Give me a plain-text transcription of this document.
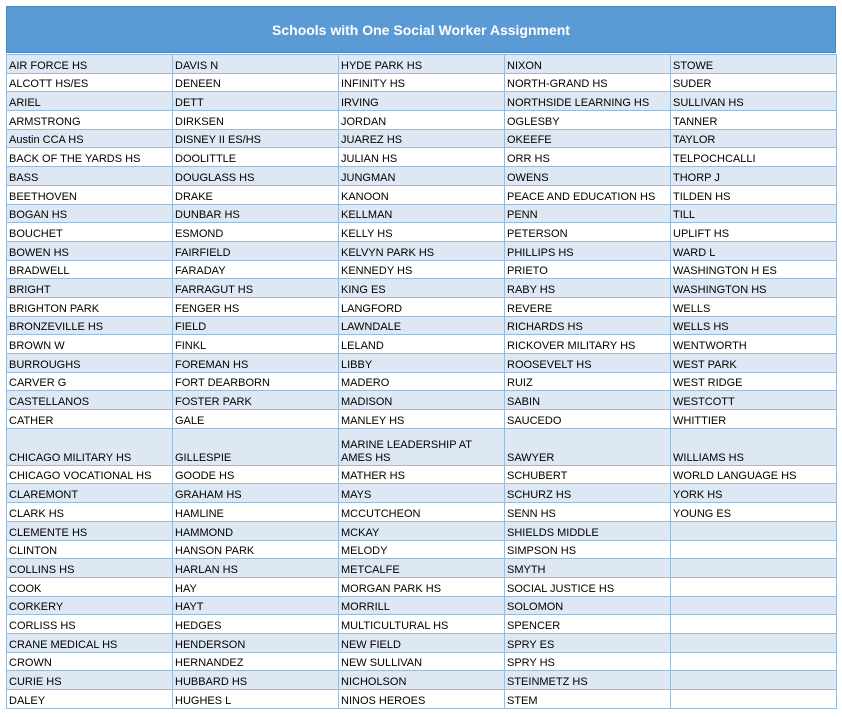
Schools with One Social Worker Assignment
AIR FORCE HS	DAVIS N	HYDE PARK HS	NIXON	STOWE
ALCOTT HS/ES	DENEEN	INFINITY HS	NORTH-GRAND HS	SUDER
ARIEL	DETT	IRVING	NORTHSIDE LEARNING HS	SULLIVAN HS
ARMSTRONG	DIRKSEN	JORDAN	OGLESBY	TANNER
Austin CCA HS	DISNEY II ES/HS	JUAREZ HS	OKEEFE	TAYLOR
BACK OF THE YARDS HS	DOOLITTLE	JULIAN HS	ORR HS	TELPOCHCALLI
BASS	DOUGLASS HS	JUNGMAN	OWENS	THORP J
BEETHOVEN	DRAKE	KANOON	PEACE AND EDUCATION HS	TILDEN HS
BOGAN HS	DUNBAR HS	KELLMAN	PENN	TILL
BOUCHET	ESMOND	KELLY HS	PETERSON	UPLIFT HS
BOWEN HS	FAIRFIELD	KELVYN PARK HS	PHILLIPS HS	WARD L
BRADWELL	FARADAY	KENNEDY HS	PRIETO	WASHINGTON H ES
BRIGHT	FARRAGUT HS	KING ES	RABY HS	WASHINGTON HS
BRIGHTON PARK	FENGER HS	LANGFORD	REVERE	WELLS
BRONZEVILLE HS	FIELD	LAWNDALE	RICHARDS HS	WELLS HS
BROWN W	FINKL	LELAND	RICKOVER MILITARY HS	WENTWORTH
BURROUGHS	FOREMAN HS	LIBBY	ROOSEVELT HS	WEST PARK
CARVER G	FORT DEARBORN	MADERO	RUIZ	WEST RIDGE
CASTELLANOS	FOSTER PARK	MADISON	SABIN	WESTCOTT
CATHER	GALE	MANLEY HS	SAUCEDO	WHITTIER
CHICAGO MILITARY HS	GILLESPIE	MARINE LEADERSHIP AT AMES HS	SAWYER	WILLIAMS HS
CHICAGO VOCATIONAL HS	GOODE HS	MATHER HS	SCHUBERT	WORLD LANGUAGE HS
CLAREMONT	GRAHAM HS	MAYS	SCHURZ HS	YORK HS
CLARK HS	HAMLINE	MCCUTCHEON	SENN HS	YOUNG ES
CLEMENTE HS	HAMMOND	MCKAY	SHIELDS MIDDLE	
CLINTON	HANSON PARK	MELODY	SIMPSON HS	
COLLINS HS	HARLAN HS	METCALFE	SMYTH	
COOK	HAY	MORGAN PARK HS	SOCIAL JUSTICE HS	
CORKERY	HAYT	MORRILL	SOLOMON	
CORLISS HS	HEDGES	MULTICULTURAL HS	SPENCER	
CRANE MEDICAL HS	HENDERSON	NEW FIELD	SPRY ES	
CROWN	HERNANDEZ	NEW SULLIVAN	SPRY HS	
CURIE HS	HUBBARD HS	NICHOLSON	STEINMETZ HS	
DALEY	HUGHES L	NINOS HEROES	STEM	
